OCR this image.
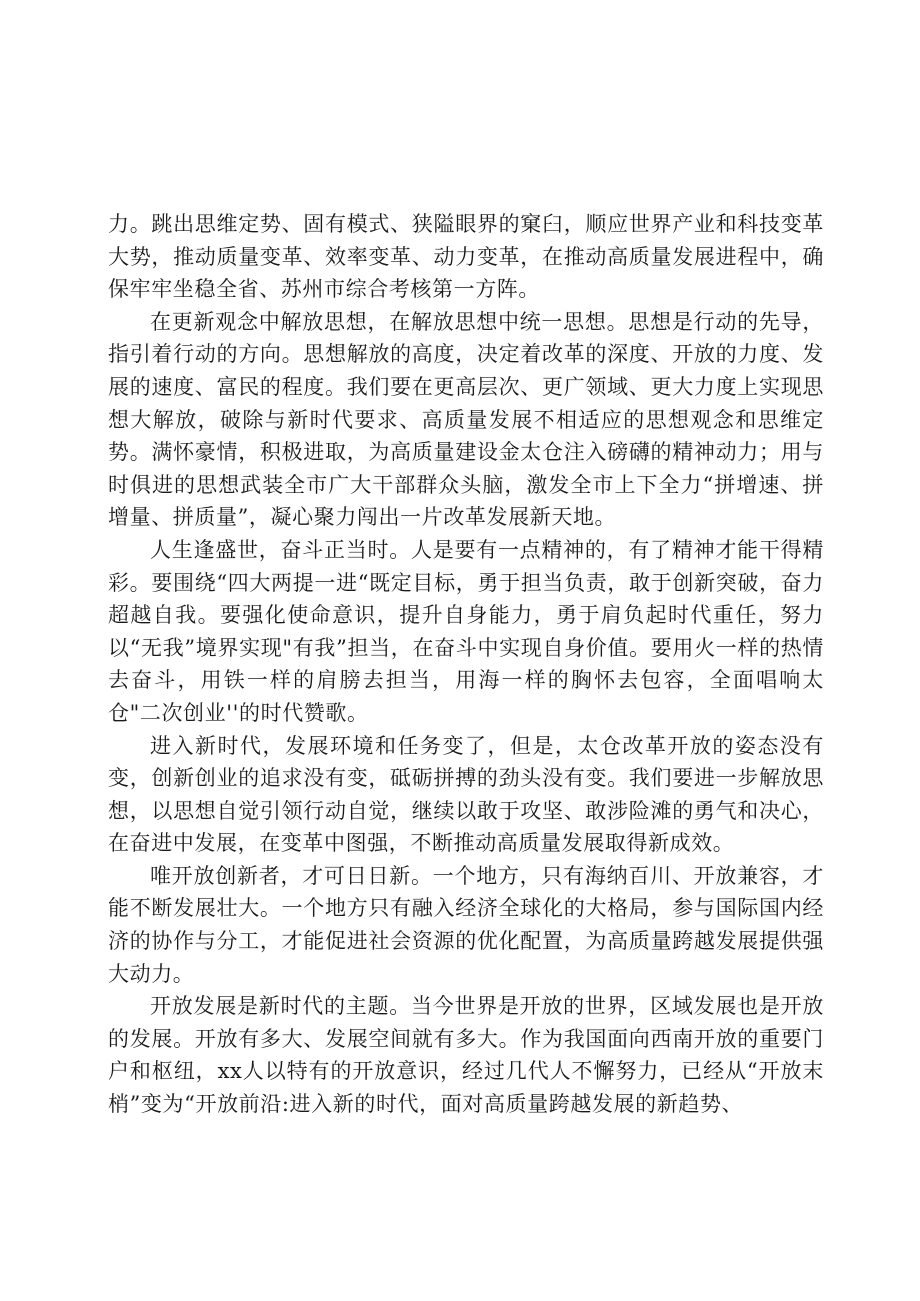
力。跳出思维定势、固有模式、狭隘眼界的窠臼，顺应世界产业和科技变革大势，推动质量变革、效率变革、动力变革，在推动高质量发展进程中，确保牢牢坐稳全省、苏州市综合考核第一方阵。

在更新观念中解放思想，在解放思想中统一思想。思想是行动的先导，指引着行动的方向。思想解放的高度，决定着改革的深度、开放的力度、发展的速度、富民的程度。我们要在更高层次、更广领域、更大力度上实现思想大解放，破除与新时代要求、高质量发展不相适应的思想观念和思维定势。满怀豪情，积极进取，为高质量建设金太仓注入磅礴的精神动力；用与时俱进的思想武装全市广大干部群众头脑，激发全市上下全力“拼增速、拼增量、拼质量”，凝心聚力闯出一片改革发展新天地。

人生逢盛世，奋斗正当时。人是要有一点精神的，有了精神才能干得精彩。要围绕“四大两提一进“既定目标，勇于担当负责，敢于创新突破，奋力超越自我。要强化使命意识，提升自身能力，勇于肩负起时代重任，努力以“无我”境界实现"有我”担当，在奋斗中实现自身价值。要用火一样的热情去奋斗，用铁一样的肩膀去担当，用海一样的胸怀去包容，全面唱响太仓"二次创业''的时代赞歌。

进入新时代，发展环境和任务变了，但是，太仓改革开放的姿态没有变，创新创业的追求没有变，砥砺拼搏的劲头没有变。我们要进一步解放思想，以思想自觉引领行动自觉，继续以敢于攻坚、敢涉险滩的勇气和决心，在奋进中发展，在变革中图强，不断推动高质量发展取得新成效。

唯开放创新者，才可日日新。一个地方，只有海纳百川、开放兼容，才能不断发展壮大。一个地方只有融入经济全球化的大格局，参与国际国内经济的协作与分工，才能促进社会资源的优化配置，为高质量跨越发展提供强大动力。

开放发展是新时代的主题。当今世界是开放的世界，区域发展也是开放的发展。开放有多大、发展空间就有多大。作为我国面向西南开放的重要门户和枢纽，xx人以特有的开放意识，经过几代人不懈努力，已经从“开放末梢”变为“开放前沿:进入新的时代，面对高质量跨越发展的新趋势、
